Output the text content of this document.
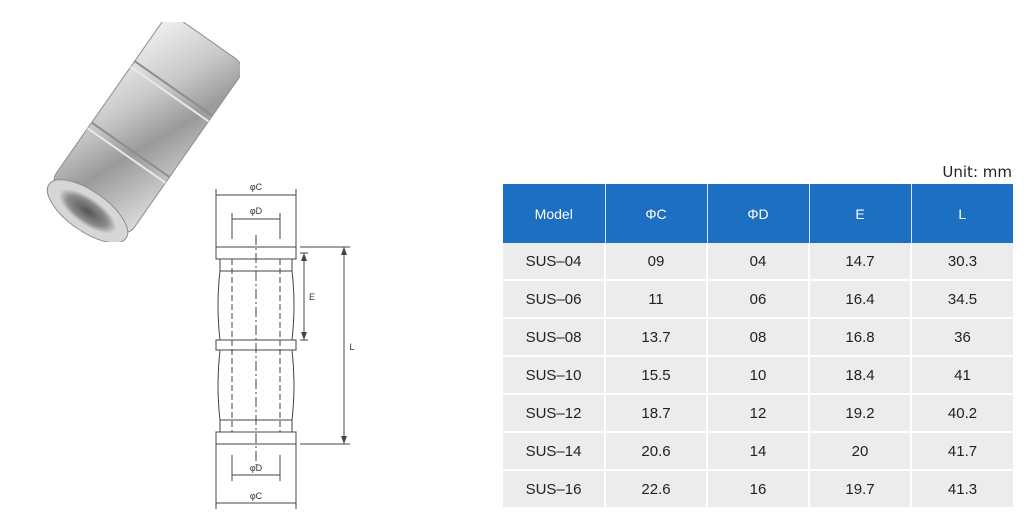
φC
φD
E
L
φD
φC
Unit: mm
Model	ΦC	ΦD	E	L
SUS–04	09	04	14.7	30.3
SUS–06	11	06	16.4	34.5
SUS–08	13.7	08	16.8	36
SUS–10	15.5	10	18.4	41
SUS–12	18.7	12	19.2	40.2
SUS–14	20.6	14	20	41.7
SUS–16	22.6	16	19.7	41.3
